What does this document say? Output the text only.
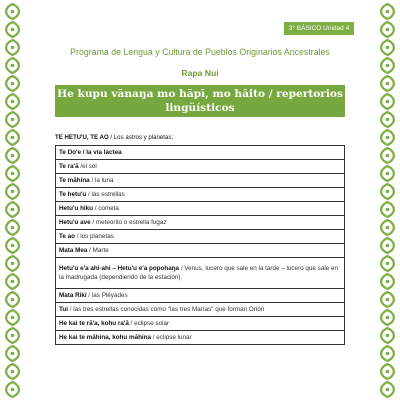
3° BÁSICO Unidad 4
Programa de Lengua y Cultura de Pueblos Originarios Ancestrales
Rapa Nui
He kupu vānaŋa mo hāpī, mo hāito / repertorios lingüísticos
TE HETU'U, TE AO / Los astros y planetas:
Te Ŋo'e / la vía láctea
Te ra'ā /el sol
Te māhina / la luna
Te hetu'u / las estrellas
Hetu'u hiku / cometa
Hetu'u ave / meteorito o estrella fugaz
Te ao / los planetas
Mata Mea / Marte
Hetu'u e'a ahi-ahi – Hetu'u e'a popohaŋa / Venus, lucero que sale en la tarde – lucero que sale en la madrugada (dependiendo de la estación).
Mata Riki / las Pléyades
Tui / las tres estrellas conocidas como "las tres Marías" que forman Orión
He kai te rā'a, kohu ra'ā / eclipse solar
He kai te māhina, kohu māhina / eclipse lunar
